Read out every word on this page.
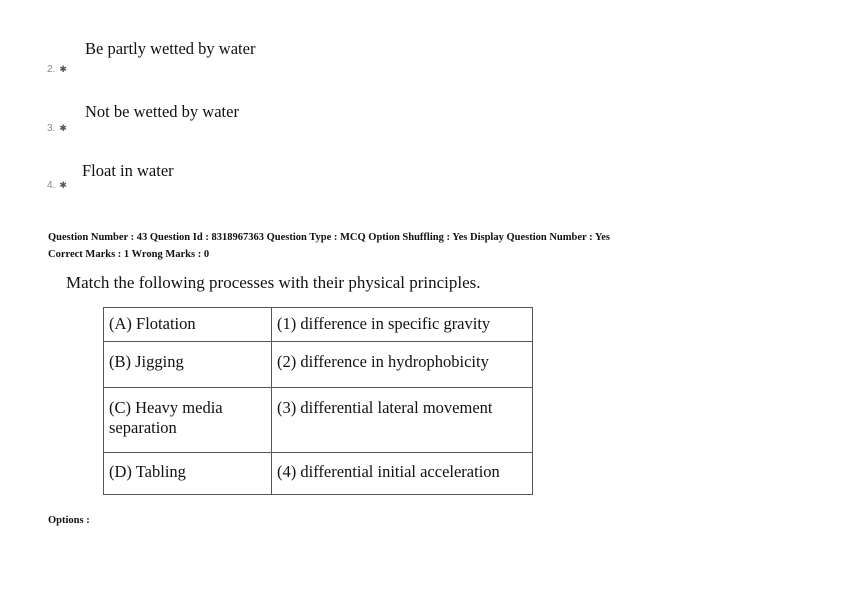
Be partly wetted by water
2. ✱
Not be wetted by water
3. ✱
Float in water
4. ✱
Question Number : 43 Question Id : 8318967363 Question Type : MCQ Option Shuffling : Yes Display Question Number : Yes
Correct Marks : 1 Wrong Marks : 0
Match the following processes with their physical principles.
(A) Flotation	(1) difference in specific gravity
(B) Jigging	(2) difference in hydrophobicity
(C) Heavy media separation	(3) differential lateral movement
(D) Tabling	(4) differential initial acceleration
Options :
